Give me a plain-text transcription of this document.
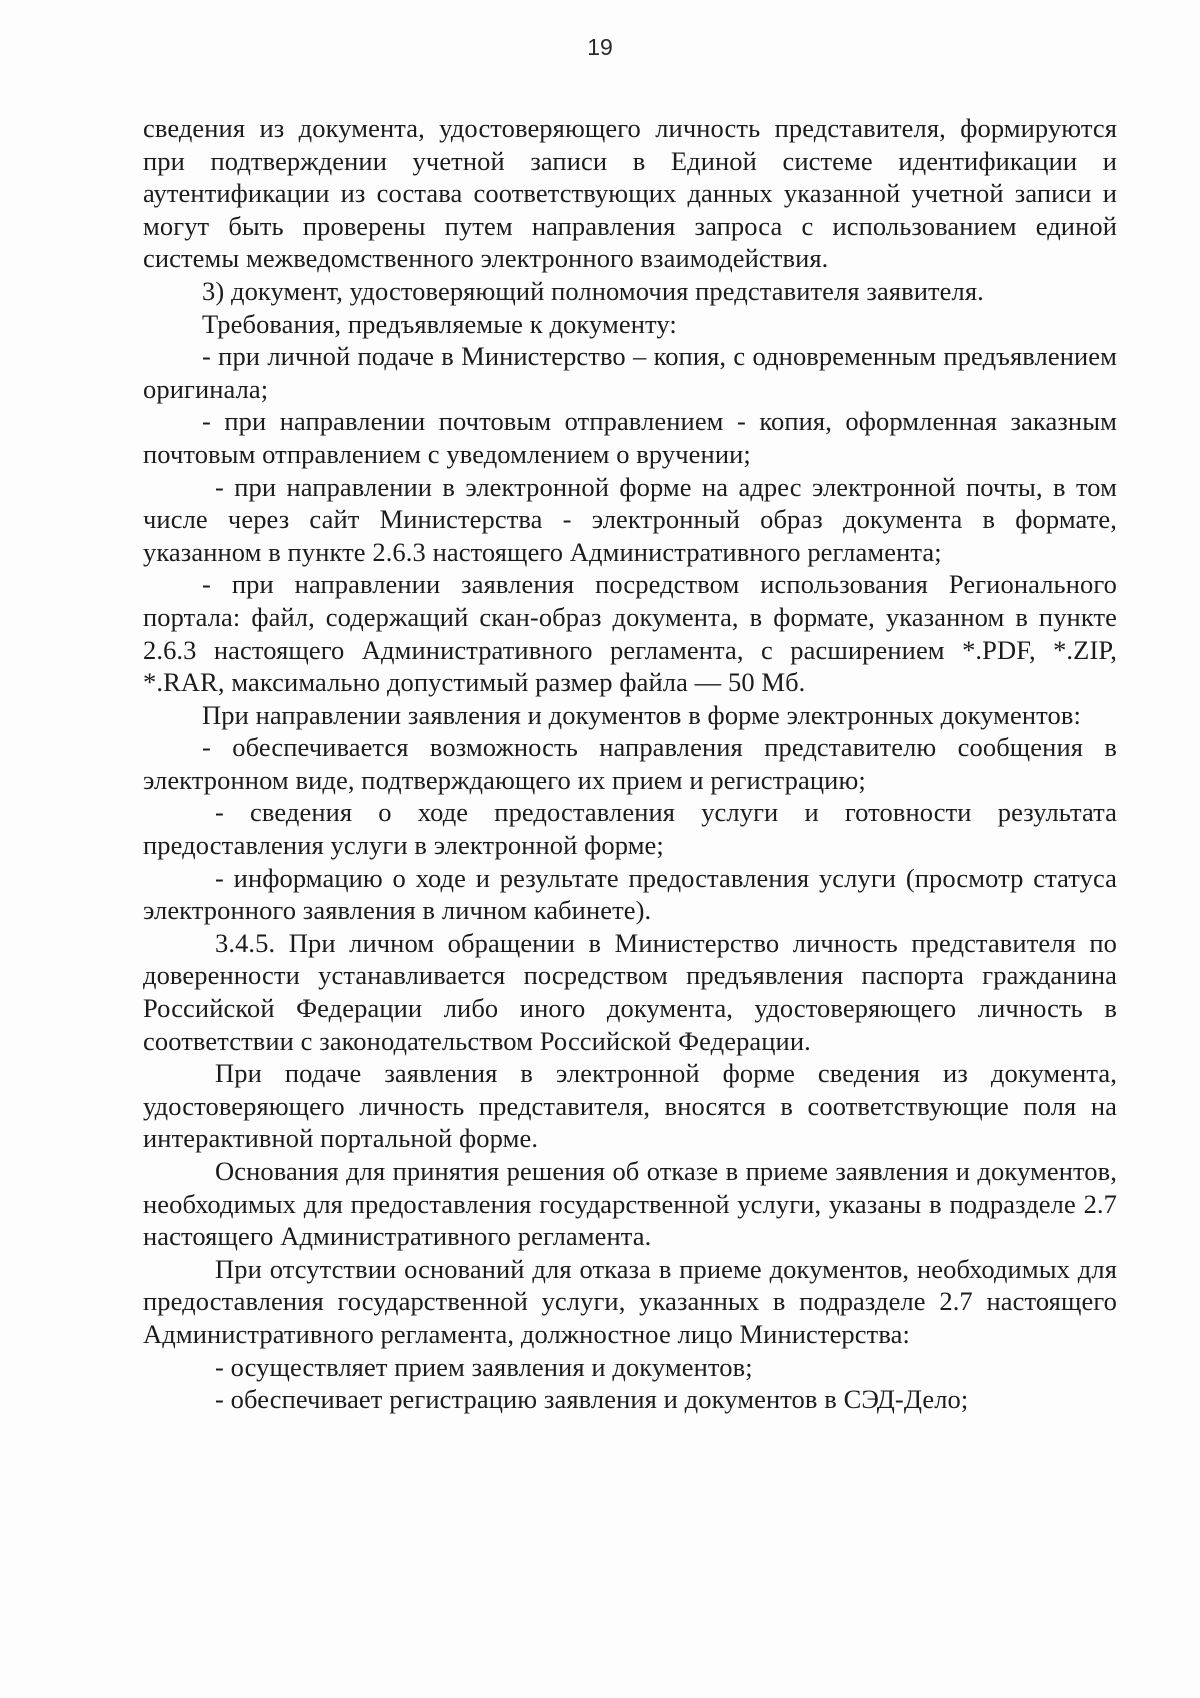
19

сведения из документа, удостоверяющего личность представителя, формируются при подтверждении учетной записи в Единой системе идентификации и аутентификации из состава соответствующих данных указанной учетной записи и могут быть проверены путем направления запроса с использованием единой системы межведомственного электронного взаимодействия.

3) документ, удостоверяющий полномочия представителя заявителя.

Требования, предъявляемые к документу:

- при личной подаче в Министерство – копия, с одновременным предъявлением оригинала;

- при направлении почтовым отправлением - копия, оформленная заказным почтовым отправлением с уведомлением о вручении;

- при направлении в электронной форме на адрес электронной почты, в том числе через сайт Министерства - электронный образ документа в формате, указанном в пункте 2.6.3 настоящего Административного регламента;

- при направлении заявления посредством использования Регионального портала: файл, содержащий скан-образ документа, в формате, указанном в пункте 2.6.3 настоящего Административного регламента, с расширением *.PDF, *.ZIP, *.RAR, максимально допустимый размер файла — 50 Мб.

При направлении заявления и документов в форме электронных документов:

- обеспечивается возможность направления представителю сообщения в электронном виде, подтверждающего их прием и регистрацию;

- сведения о ходе предоставления услуги и готовности результата предоставления услуги в электронной форме;

- информацию о ходе и результате предоставления услуги (просмотр статуса электронного заявления в личном кабинете).

3.4.5. При личном обращении в Министерство личность представителя по доверенности устанавливается посредством предъявления паспорта гражданина Российской Федерации либо иного документа, удостоверяющего личность в соответствии с законодательством Российской Федерации.

При подаче заявления в электронной форме сведения из документа, удостоверяющего личность представителя, вносятся в соответствующие поля на интерактивной портальной форме.

Основания для принятия решения об отказе в приеме заявления и документов, необходимых для предоставления государственной услуги, указаны в подразделе 2.7 настоящего Административного регламента.

При отсутствии оснований для отказа в приеме документов, необходимых для предоставления государственной услуги, указанных в подразделе 2.7 настоящего Административного регламента, должностное лицо Министерства:

- осуществляет прием заявления и документов;

- обеспечивает регистрацию заявления и документов в СЭД-Дело;
